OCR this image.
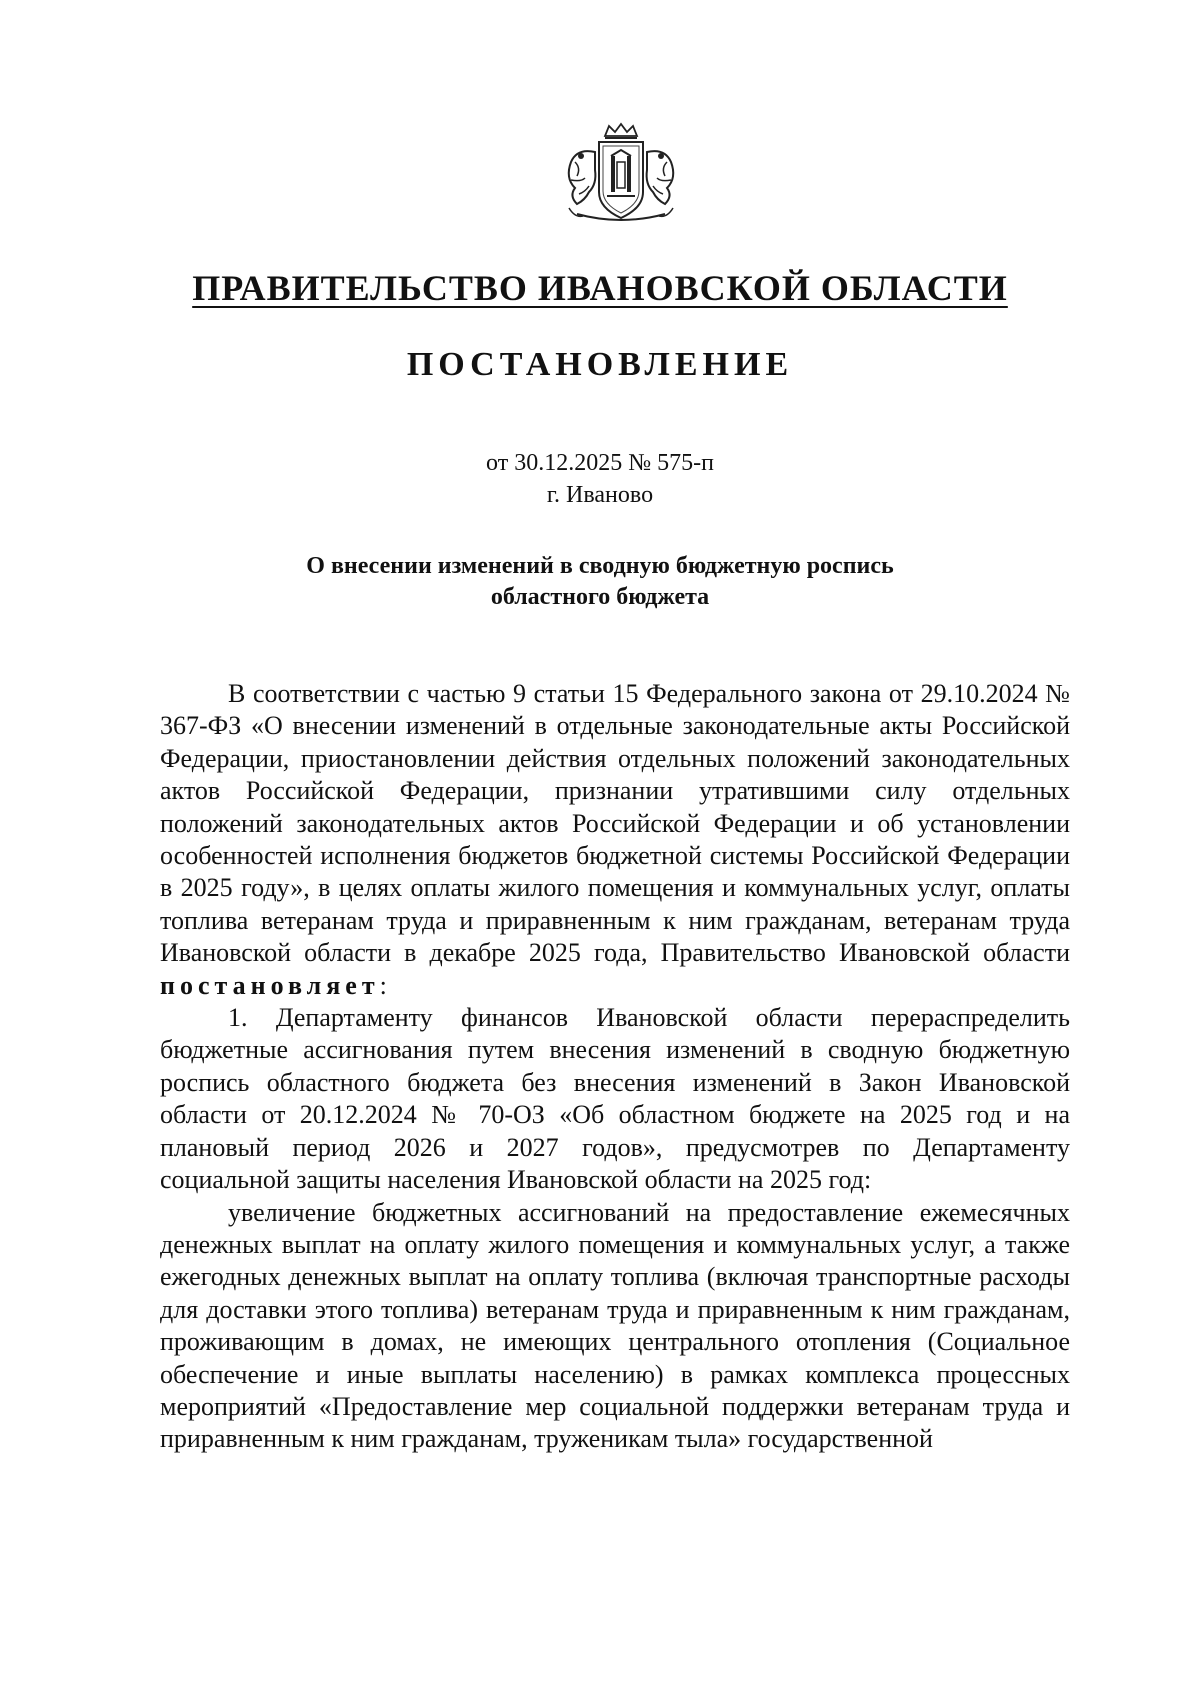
ПРАВИТЕЛЬСТВО ИВАНОВСКОЙ ОБЛАСТИ
ПОСТАНОВЛЕНИЕ
от 30.12.2025 № 575-п
г. Иваново
О внесении изменений в сводную бюджетную роспись
областного бюджета

В соответствии с частью 9 статьи 15 Федерального закона от 29.10.2024 № 367-ФЗ «О внесении изменений в отдельные законодательные акты Российской Федерации, приостановлении действия отдельных положений законодательных актов Российской Федерации, признании утратившими силу отдельных положений законодательных актов Российской Федерации и об установлении особенностей исполнения бюджетов бюджетной системы Российской Федерации в 2025 году», в целях оплаты жилого помещения и коммунальных услуг, оплаты топлива ветеранам труда и приравненным к ним гражданам, ветеранам труда Ивановской области в декабре 2025 года, Правительство Ивановской области постановляет:

1. Департаменту финансов Ивановской области перераспределить бюджетные ассигнования путем внесения изменений в сводную бюджетную роспись областного бюджета без внесения изменений в Закон Ивановской области от 20.12.2024 № 70-ОЗ «Об областном бюджете на 2025 год и на плановый период 2026 и 2027 годов», предусмотрев по Департаменту социальной защиты населения Ивановской области на 2025 год:

увеличение бюджетных ассигнований на предоставление ежемесячных денежных выплат на оплату жилого помещения и коммунальных услуг, а также ежегодных денежных выплат на оплату топлива (включая транспортные расходы для доставки этого топлива) ветеранам труда и приравненным к ним гражданам, проживающим в домах, не имеющих центрального отопления (Социальное обеспечение и иные выплаты населению) в рамках комплекса процессных мероприятий «Предоставление мер социальной поддержки ветеранам труда и приравненным к ним гражданам, труженикам тыла» государственной
